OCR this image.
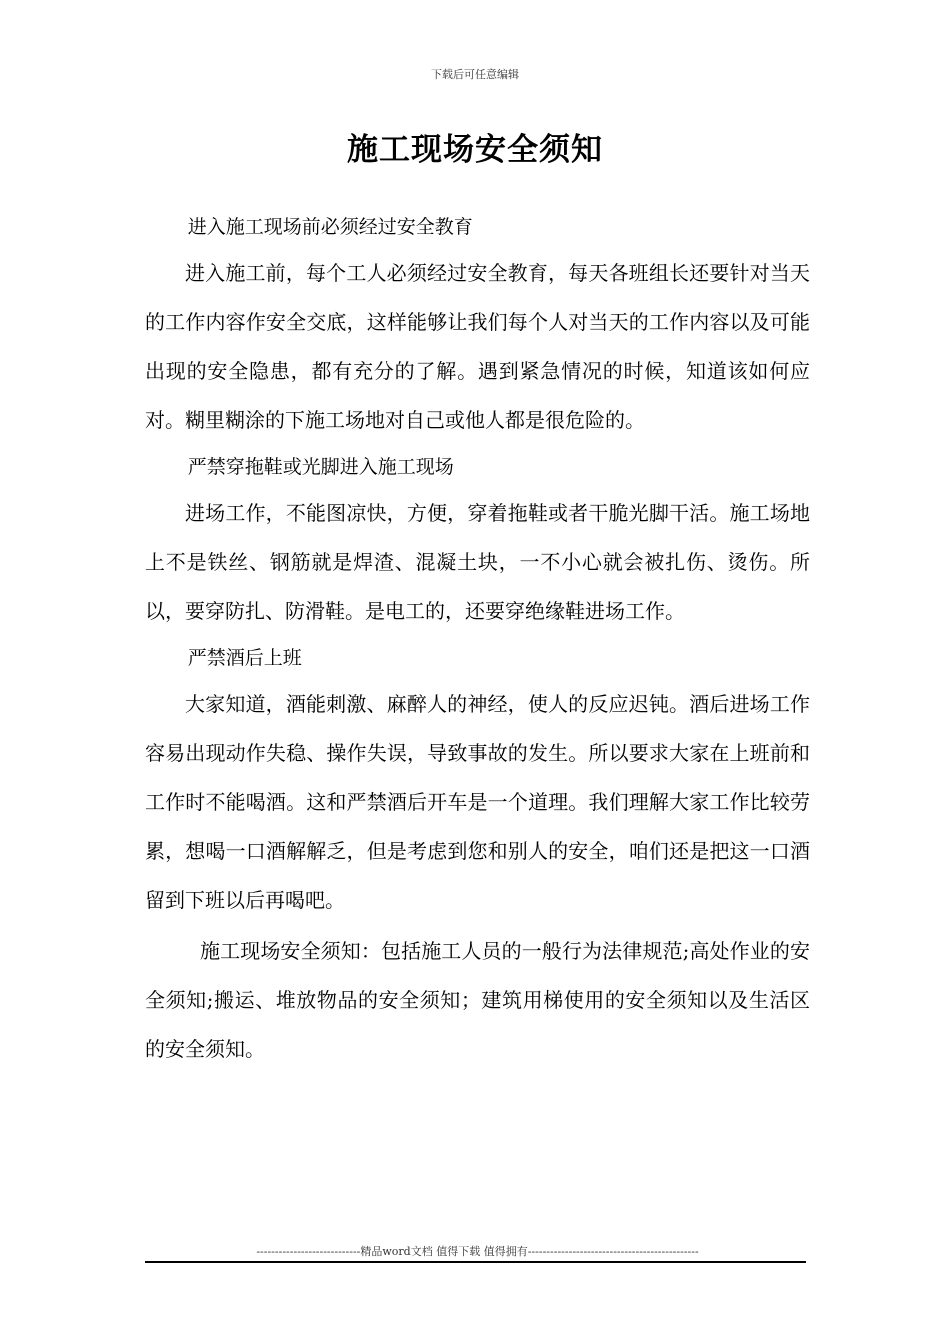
下载后可任意编辑
施工现场安全须知

进入施工现场前必须经过安全教育

进入施工前，每个工人必须经过安全教育，每天各班组长还要针对当天的工作内容作安全交底，这样能够让我们每个人对当天的工作内容以及可能出现的安全隐患，都有充分的了解。遇到紧急情况的时候，知道该如何应对。糊里糊涂的下施工场地对自己或他人都是很危险的。

严禁穿拖鞋或光脚进入施工现场

进场工作，不能图凉快，方便，穿着拖鞋或者干脆光脚干活。施工场地上不是铁丝、钢筋就是焊渣、混凝土块，一不小心就会被扎伤、烫伤。所以，要穿防扎、防滑鞋。是电工的，还要穿绝缘鞋进场工作。

严禁酒后上班

大家知道，酒能刺激、麻醉人的神经，使人的反应迟钝。酒后进场工作容易出现动作失稳、操作失误，导致事故的发生。所以要求大家在上班前和工作时不能喝酒。这和严禁酒后开车是一个道理。我们理解大家工作比较劳累，想喝一口酒解解乏，但是考虑到您和别人的安全，咱们还是把这一口酒留到下班以后再喝吧。

施工现场安全须知：包括施工人员的一般行为法律规范;高处作业的安全须知;搬运、堆放物品的安全须知；建筑用梯使用的安全须知以及生活区的安全须知。

----------------------------精品word文档 值得下载 值得拥有----------------------------------------------
